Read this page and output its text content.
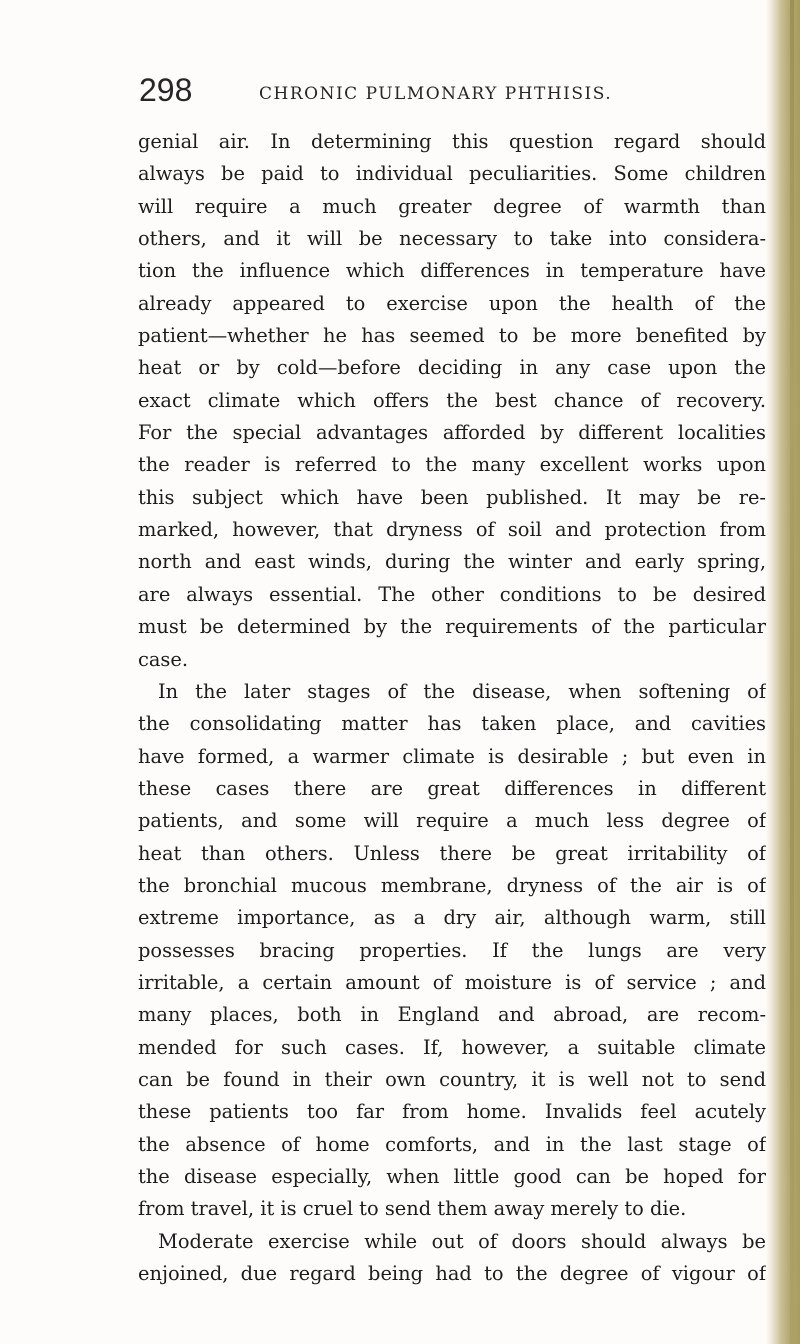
298	CHRONIC PULMONARY PHTHISIS.
genial air. In determining this question regard should
always be paid to individual peculiarities. Some children
will require a much greater degree of warmth than
others, and it will be necessary to take into considera-
tion the influence which differences in temperature have
already appeared to exercise upon the health of the
patient—whether he has seemed to be more benefited by
heat or by cold—before deciding in any case upon the
exact climate which offers the best chance of recovery.
For the special advantages afforded by different localities
the reader is referred to the many excellent works upon
this subject which have been published. It may be re-
marked, however, that dryness of soil and protection from
north and east winds, during the winter and early spring,
are always essential. The other conditions to be desired
must be determined by the requirements of the particular
case.
In the later stages of the disease, when softening of
the consolidating matter has taken place, and cavities
have formed, a warmer climate is desirable ; but even in
these cases there are great differences in different
patients, and some will require a much less degree of
heat than others. Unless there be great irritability of
the bronchial mucous membrane, dryness of the air is of
extreme importance, as a dry air, although warm, still
possesses bracing properties. If the lungs are very
irritable, a certain amount of moisture is of service ; and
many places, both in England and abroad, are recom-
mended for such cases. If, however, a suitable climate
can be found in their own country, it is well not to send
these patients too far from home. Invalids feel acutely
the absence of home comforts, and in the last stage of
the disease especially, when little good can be hoped for
from travel, it is cruel to send them away merely to die.
Moderate exercise while out of doors should always be
enjoined, due regard being had to the degree of vigour of
